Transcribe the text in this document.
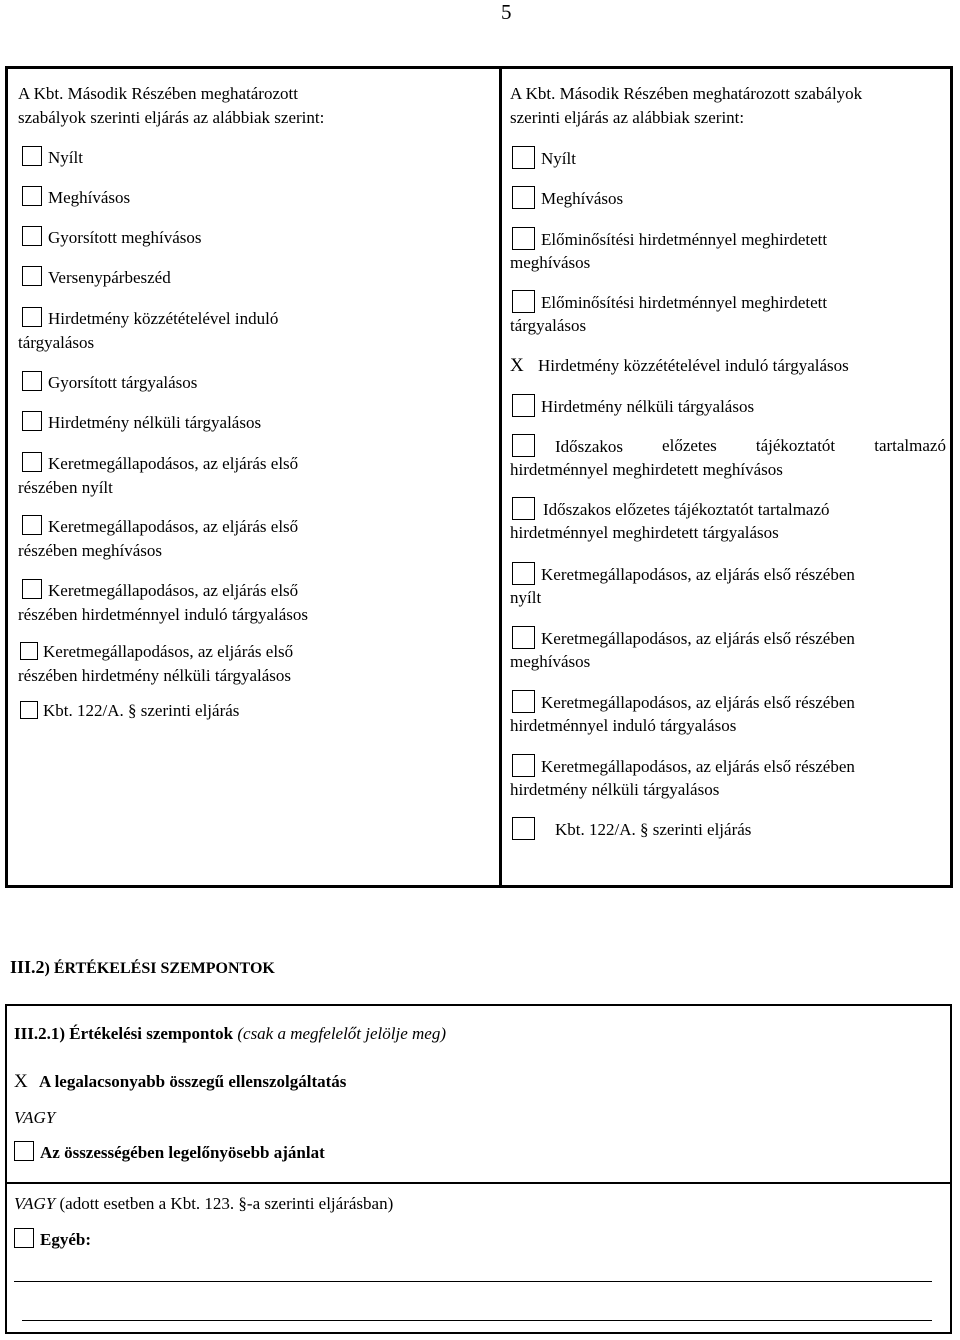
5
A Kbt. Második Részében meghatározott
szabályok szerinti eljárás az alábbiak szerint:
Nyílt
Meghívásos
Gyorsított meghívásos
Versenypárbeszéd
Hirdetmény közzétételével induló
tárgyalásos
Gyorsított tárgyalásos
Hirdetmény nélküli tárgyalásos
Keretmegállapodásos, az eljárás első
részében nyílt
Keretmegállapodásos, az eljárás első
részében meghívásos
Keretmegállapodásos, az eljárás első
részében hirdetménnyel induló tárgyalásos
Keretmegállapodásos, az eljárás első
részében hirdetmény nélküli tárgyalásos
Kbt. 122/A. § szerinti eljárás
A Kbt. Második Részében meghatározott szabályok
szerinti eljárás az alábbiak szerint:
Nyílt
Meghívásos
Előminősítési hirdetménnyel meghirdetett
meghívásos
Előminősítési hirdetménnyel meghirdetett
tárgyalásos
X Hirdetmény közzétételével induló tárgyalásos
Hirdetmény nélküli tárgyalásos
Időszakos előzetes tájékoztatót tartalmazó
hirdetménnyel meghirdetett meghívásos
Időszakos előzetes tájékoztatót tartalmazó
hirdetménnyel meghirdetett tárgyalásos
Keretmegállapodásos, az eljárás első részében
nyílt
Keretmegállapodásos, az eljárás első részében
meghívásos
Keretmegállapodásos, az eljárás első részében
hirdetménnyel induló tárgyalásos
Keretmegállapodásos, az eljárás első részében
hirdetmény nélküli tárgyalásos
Kbt. 122/A. § szerinti eljárás
III.2) ÉRTÉKELÉSI SZEMPONTOK
III.2.1) Értékelési szempontok (csak a megfelelőt jelölje meg)
X A legalacsonyabb összegű ellenszolgáltatás
VAGY
Az összességében legelőnyösebb ajánlat
VAGY (adott esetben a Kbt. 123. §-a szerinti eljárásban)
Egyéb:
